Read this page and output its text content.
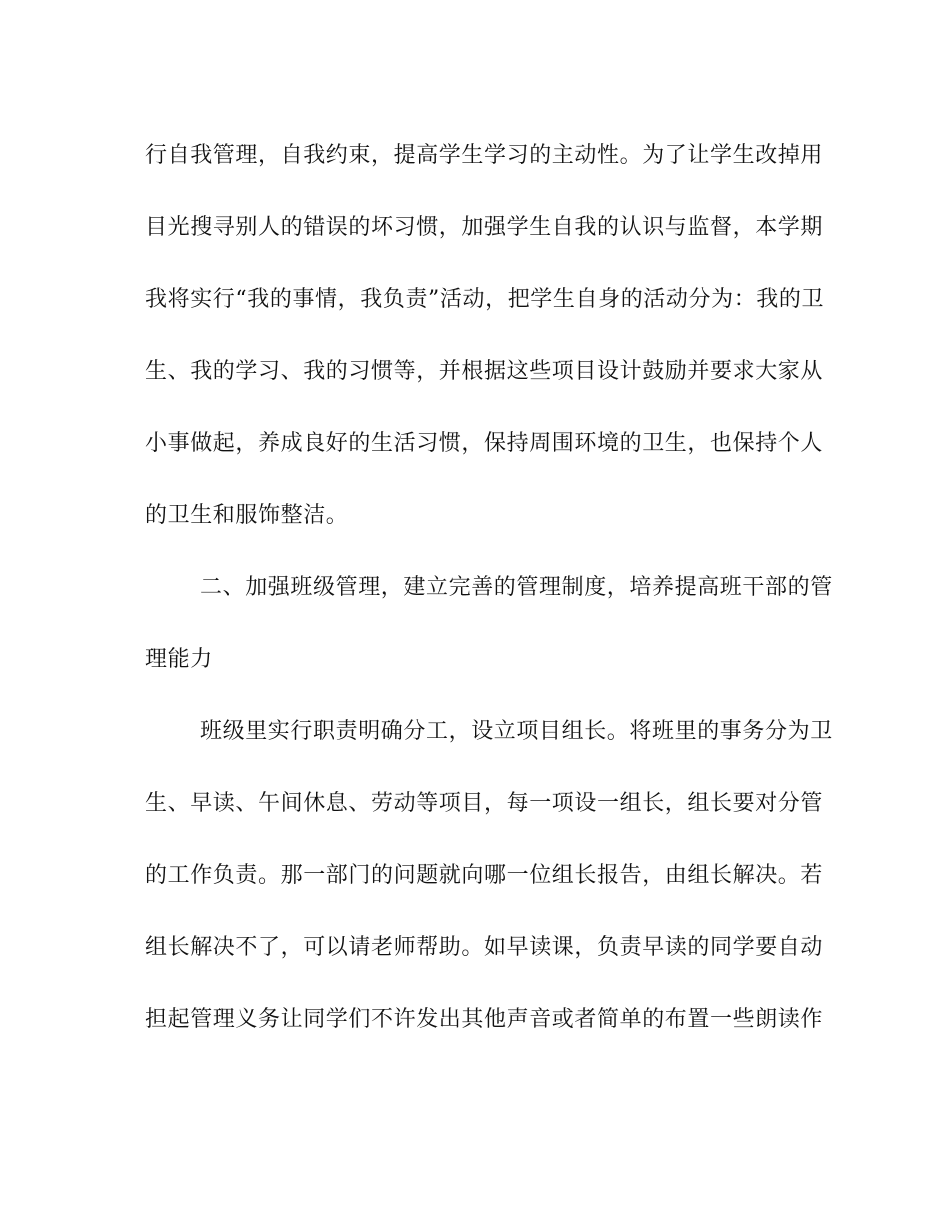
行自我管理，自我约束，提高学生学习的主动性。为了让学生改掉用
目光搜寻别人的错误的坏习惯，加强学生自我的认识与监督，本学期
我将实行“我的事情，我负责”活动，把学生自身的活动分为：我的卫
生、我的学习、我的习惯等，并根据这些项目设计鼓励并要求大家从
小事做起，养成良好的生活习惯，保持周围环境的卫生，也保持个人
的卫生和服饰整洁。
二、加强班级管理，建立完善的管理制度，培养提高班干部的管
理能力
班级里实行职责明确分工，设立项目组长。将班里的事务分为卫
生、早读、午间休息、劳动等项目，每一项设一组长，组长要对分管
的工作负责。那一部门的问题就向哪一位组长报告，由组长解决。若
组长解决不了，可以请老师帮助。如早读课，负责早读的同学要自动
担起管理义务让同学们不许发出其他声音或者简单的布置一些朗读作
